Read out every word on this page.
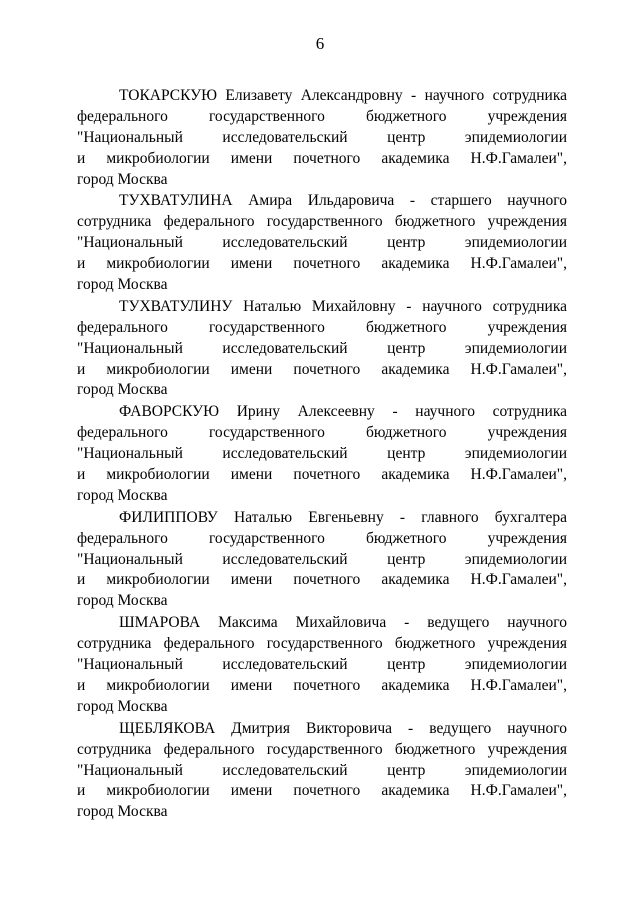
6
ТОКАРСКУЮ Елизавету Александровну - научного сотрудника
федерального государственного бюджетного учреждения
"Национальный исследовательский центр эпидемиологии
и микробиологии имени почетного академика Н.Ф.Гамалеи",
город Москва
ТУХВАТУЛИНА Амира Ильдаровича - старшего научного
сотрудника федерального государственного бюджетного учреждения
"Национальный исследовательский центр эпидемиологии
и микробиологии имени почетного академика Н.Ф.Гамалеи",
город Москва
ТУХВАТУЛИНУ Наталью Михайловну - научного сотрудника
федерального государственного бюджетного учреждения
"Национальный исследовательский центр эпидемиологии
и микробиологии имени почетного академика Н.Ф.Гамалеи",
город Москва
ФАВОРСКУЮ Ирину Алексеевну - научного сотрудника
федерального государственного бюджетного учреждения
"Национальный исследовательский центр эпидемиологии
и микробиологии имени почетного академика Н.Ф.Гамалеи",
город Москва
ФИЛИППОВУ Наталью Евгеньевну - главного бухгалтера
федерального государственного бюджетного учреждения
"Национальный исследовательский центр эпидемиологии
и микробиологии имени почетного академика Н.Ф.Гамалеи",
город Москва
ШМАРОВА Максима Михайловича - ведущего научного
сотрудника федерального государственного бюджетного учреждения
"Национальный исследовательский центр эпидемиологии
и микробиологии имени почетного академика Н.Ф.Гамалеи",
город Москва
ЩЕБЛЯКОВА Дмитрия Викторовича - ведущего научного
сотрудника федерального государственного бюджетного учреждения
"Национальный исследовательский центр эпидемиологии
и микробиологии имени почетного академика Н.Ф.Гамалеи",
город Москва
